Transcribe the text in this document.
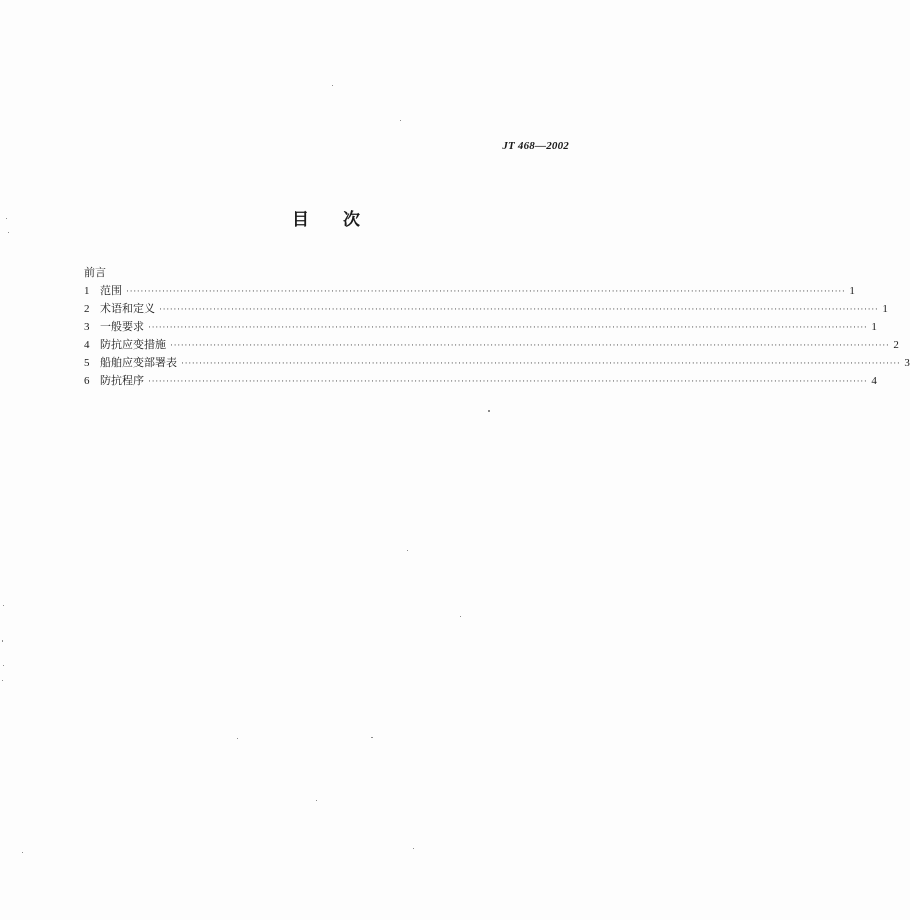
JT 468—2002
目 次
前言
1 范围 ········································································································································································································ 1
2 术语和定义 ········································································································································································································ 1
3 一般要求 ········································································································································································································ 1
4 防抗应变措施 ········································································································································································································ 2
5 船舶应变部署表 ········································································································································································································ 3
6 防抗程序 ········································································································································································································ 4
